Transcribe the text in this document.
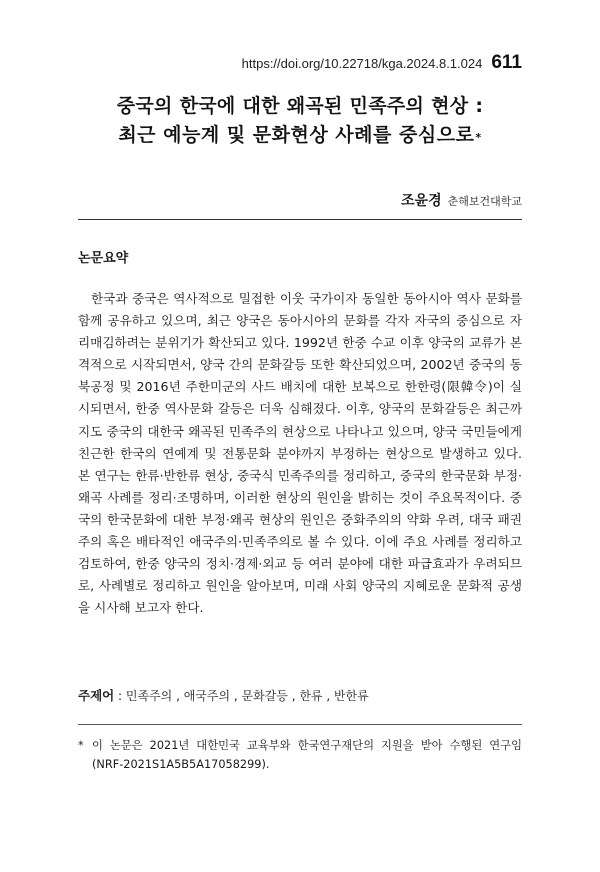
https://doi.org/10.22718/kga.2024.8.1.024 611
중국의 한국에 대한 왜곡된 민족주의 현상 :
최근 예능계 및 문화현상 사례를 중심으로*
조윤경 춘해보건대학교
논문요약

한국과 중국은 역사적으로 밀접한 이웃 국가이자 동일한 동아시아 역사 문화를 함께 공유하고 있으며, 최근 양국은 동아시아의 문화를 각자 자국의 중심으로 자리매김하려는 분위기가 확산되고 있다. 1992년 한중 수교 이후 양국의 교류가 본격적으로 시작되면서, 양국 간의 문화갈등 또한 확산되었으며, 2002년 중국의 동북공정 및 2016년 주한미군의 사드 배치에 대한 보복으로 한한령(限韓令)이 실시되면서, 한중 역사문화 갈등은 더욱 심해졌다. 이후, 양국의 문화갈등은 최근까지도 중국의 대한국 왜곡된 민족주의 현상으로 나타나고 있으며, 양국 국민들에게 친근한 한국의 연예계 및 전통문화 분야까지 부정하는 현상으로 발생하고 있다. 본 연구는 한류·반한류 현상, 중국식 민족주의를 정리하고, 중국의 한국문화 부정·왜곡 사례를 정리·조명하며, 이러한 현상의 원인을 밝히는 것이 주요목적이다. 중국의 한국문화에 대한 부정·왜곡 현상의 원인은 중화주의의 약화 우려, 대국 패권주의 혹은 배타적인 애국주의·민족주의로 볼 수 있다. 이에 주요 사례를 정리하고 검토하여, 한중 양국의 정치·경제·외교 등 여러 분야에 대한 파급효과가 우려되므로, 사례별로 정리하고 원인을 알아보며, 미래 사회 양국의 지혜로운 문화적 공생을 시사해 보고자 한다.

주제어 : 민족주의 , 애국주의 , 문화갈등 , 한류 , 반한류
* 이 논문은 2021년 대한민국 교육부와 한국연구재단의 지원을 받아 수행된 연구임 (NRF-2021S1A5B5A17058299).
